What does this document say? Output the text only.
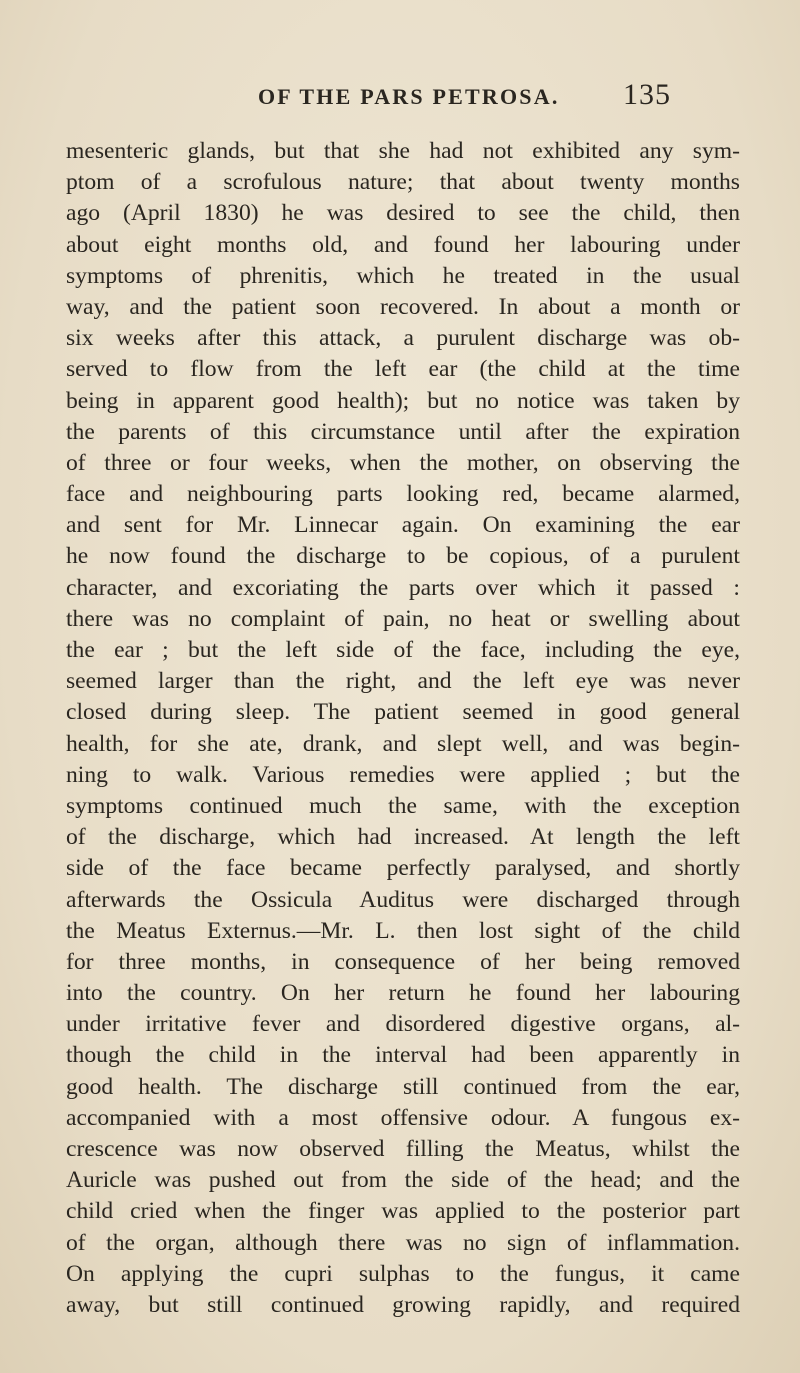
OF THE PARS PETROSA. 135
mesenteric glands, but that she had not exhibited any sym-
ptom of a scrofulous nature; that about twenty months
ago (April 1830) he was desired to see the child, then
about eight months old, and found her labouring under
symptoms of phrenitis, which he treated in the usual
way, and the patient soon recovered. In about a month or
six weeks after this attack, a purulent discharge was ob-
served to flow from the left ear (the child at the time
being in apparent good health); but no notice was taken by
the parents of this circumstance until after the expiration
of three or four weeks, when the mother, on observing the
face and neighbouring parts looking red, became alarmed,
and sent for Mr. Linnecar again. On examining the ear
he now found the discharge to be copious, of a purulent
character, and excoriating the parts over which it passed :
there was no complaint of pain, no heat or swelling about
the ear ; but the left side of the face, including the eye,
seemed larger than the right, and the left eye was never
closed during sleep. The patient seemed in good general
health, for she ate, drank, and slept well, and was begin-
ning to walk. Various remedies were applied ; but the
symptoms continued much the same, with the exception
of the discharge, which had increased. At length the left
side of the face became perfectly paralysed, and shortly
afterwards the Ossicula Auditus were discharged through
the Meatus Externus.—Mr. L. then lost sight of the child
for three months, in consequence of her being removed
into the country. On her return he found her labouring
under irritative fever and disordered digestive organs, al-
though the child in the interval had been apparently in
good health. The discharge still continued from the ear,
accompanied with a most offensive odour. A fungous ex-
crescence was now observed filling the Meatus, whilst the
Auricle was pushed out from the side of the head; and the
child cried when the finger was applied to the posterior part
of the organ, although there was no sign of inflammation.
On applying the cupri sulphas to the fungus, it came
away, but still continued growing rapidly, and required
